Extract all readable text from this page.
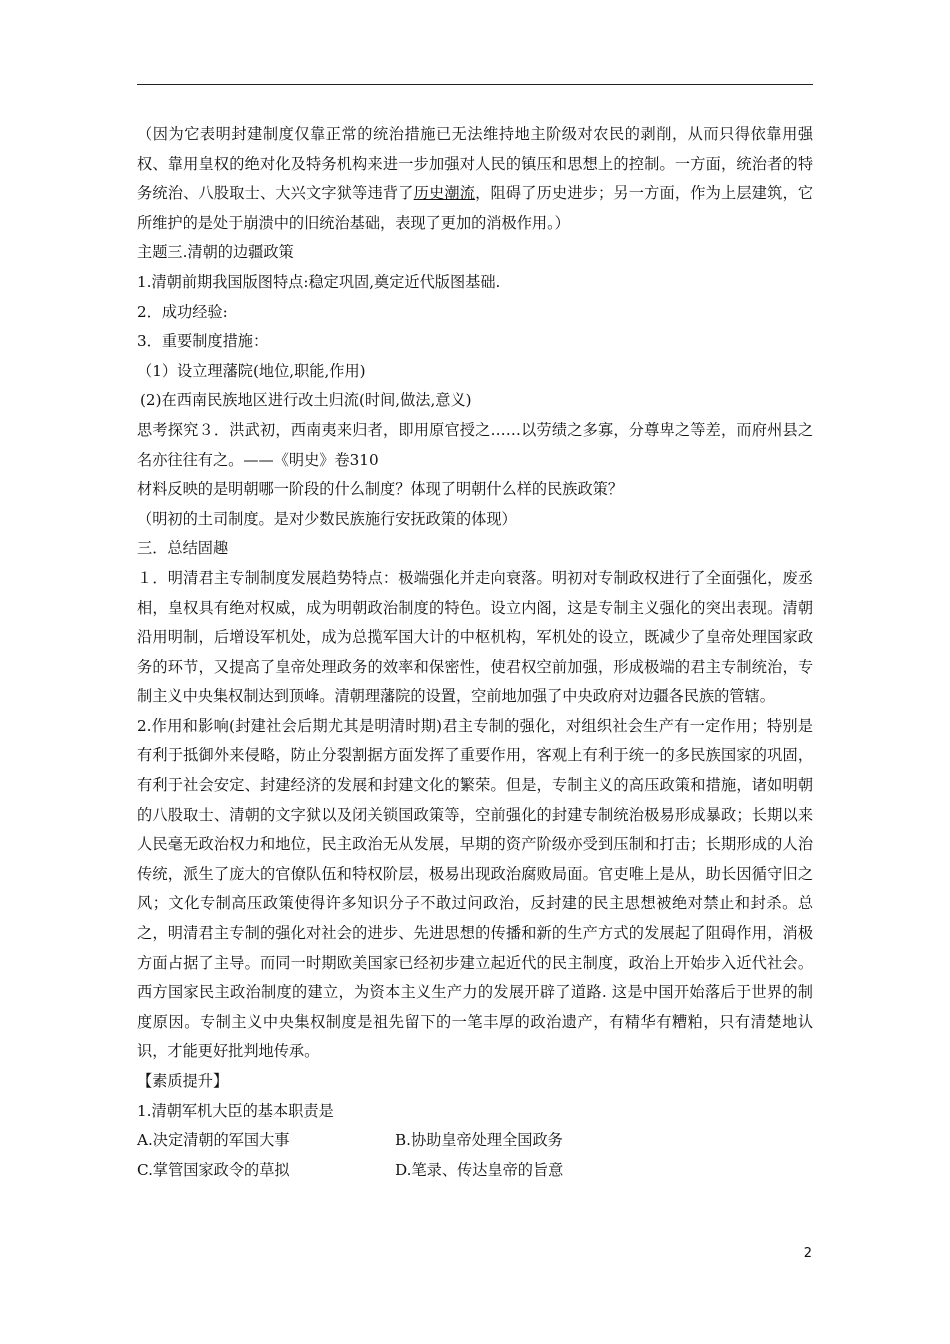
（因为它表明封建制度仅靠正常的统治措施已无法维持地主阶级对农民的剥削，从而只得依靠用强权、靠用皇权的绝对化及特务机构来进一步加强对人民的镇压和思想上的控制。一方面，统治者的特务统治、八股取士、大兴文字狱等违背了历史潮流，阻碍了历史进步；另一方面，作为上层建筑，它所维护的是处于崩溃中的旧统治基础，表现了更加的消极作用。）

主题三.清朝的边疆政策

1.清朝前期我国版图特点:稳定巩固,奠定近代版图基础.

2．成功经验:

3．重要制度措施：

（1）设立理藩院(地位,职能,作用)

(2)在西南民族地区进行改土归流(时间,做法,意义)

思考探究３．洪武初，西南夷来归者，即用原官授之……以劳绩之多寡，分尊卑之等差，而府州县之名亦往往有之。——《明史》卷310

材料反映的是明朝哪一阶段的什么制度？体现了明朝什么样的民族政策？

（明初的土司制度。是对少数民族施行安抚政策的体现）

三．总结固趣

１．明清君主专制制度发展趋势特点：极端强化并走向衰落。明初对专制政权进行了全面强化，废丞相，皇权具有绝对权威，成为明朝政治制度的特色。设立内阁，这是专制主义强化的突出表现。清朝沿用明制，后增设军机处，成为总揽军国大计的中枢机构，军机处的设立，既减少了皇帝处理国家政务的环节，又提高了皇帝处理政务的效率和保密性，使君权空前加强，形成极端的君主专制统治，专制主义中央集权制达到顶峰。清朝理藩院的设置，空前地加强了中央政府对边疆各民族的管辖。

2.作用和影响(封建社会后期尤其是明清时期)君主专制的强化，对组织社会生产有一定作用；特别是有利于抵御外来侵略，防止分裂割据方面发挥了重要作用，客观上有利于统一的多民族国家的巩固，有利于社会安定、封建经济的发展和封建文化的繁荣。但是，专制主义的高压政策和措施，诸如明朝的八股取士、清朝的文字狱以及闭关锁国政策等，空前强化的封建专制统治极易形成暴政；长期以来人民毫无政治权力和地位，民主政治无从发展，早期的资产阶级亦受到压制和打击；长期形成的人治传统，派生了庞大的官僚队伍和特权阶层，极易出现政治腐败局面。官吏唯上是从，助长因循守旧之风；文化专制高压政策使得许多知识分子不敢过问政治，反封建的民主思想被绝对禁止和封杀。总之，明清君主专制的强化对社会的进步、先进思想的传播和新的生产方式的发展起了阻碍作用，消极方面占据了主导。而同一时期欧美国家已经初步建立起近代的民主制度，政治上开始步入近代社会。西方国家民主政治制度的建立，为资本主义生产力的发展开辟了道路. 这是中国开始落后于世界的制度原因。专制主义中央集权制度是祖先留下的一笔丰厚的政治遗产，有精华有糟粕，只有清楚地认识，才能更好批判地传承。

【素质提升】

1.清朝军机大臣的基本职责是

A.决定清朝的军国大事	B.协助皇帝处理全国政务
C.掌管国家政令的草拟	D.笔录、传达皇帝的旨意
2
